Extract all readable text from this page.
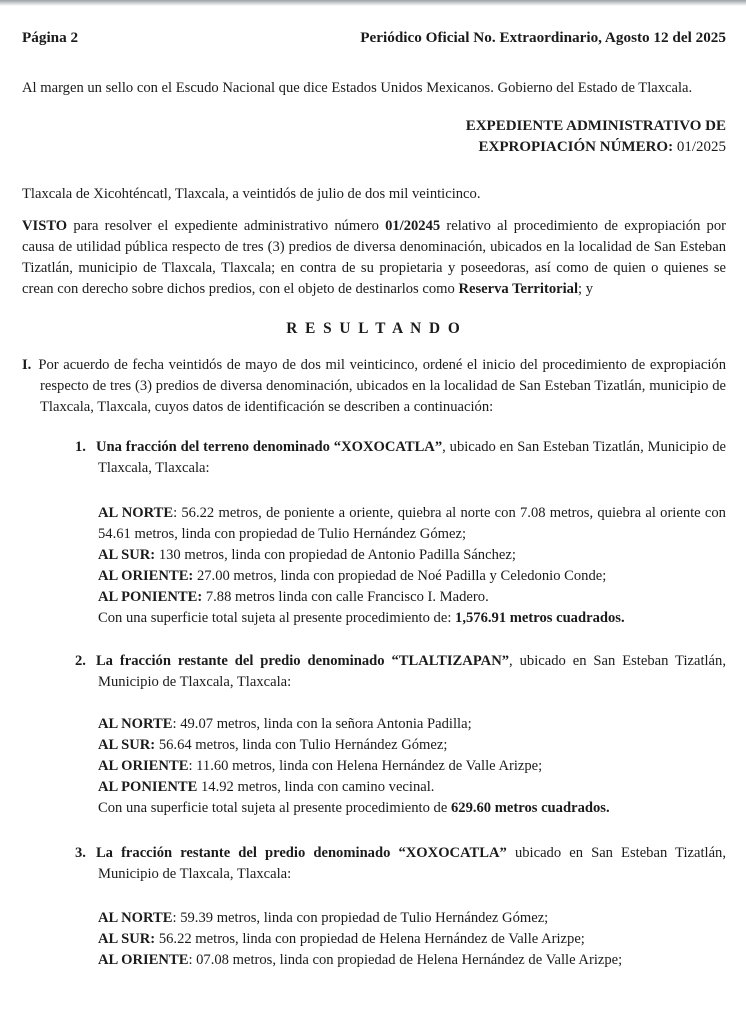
Página 2	Periódico Oficial No. Extraordinario, Agosto 12 del 2025
Al margen un sello con el Escudo Nacional que dice Estados Unidos Mexicanos. Gobierno del Estado de Tlaxcala.
EXPEDIENTE ADMINISTRATIVO DE
EXPROPIACIÓN NÚMERO: 01/2025
Tlaxcala de Xicohténcatl, Tlaxcala, a veintidós de julio de dos mil veinticinco.
VISTO para resolver el expediente administrativo número 01/20245 relativo al procedimiento de expropiación por causa de utilidad pública respecto de tres (3) predios de diversa denominación, ubicados en la localidad de San Esteban Tizatlán, municipio de Tlaxcala, Tlaxcala; en contra de su propietaria y poseedoras, así como de quien o quienes se crean con derecho sobre dichos predios, con el objeto de destinarlos como Reserva Territorial; y
R E S U L T A N D O
I. Por acuerdo de fecha veintidós de mayo de dos mil veinticinco, ordené el inicio del procedimiento de expropiación respecto de tres (3) predios de diversa denominación, ubicados en la localidad de San Esteban Tizatlán, municipio de Tlaxcala, Tlaxcala, cuyos datos de identificación se describen a continuación:
1. Una fracción del terreno denominado “XOXOCATLA”, ubicado en San Esteban Tizatlán, Municipio de Tlaxcala, Tlaxcala:
AL NORTE: 56.22 metros, de poniente a oriente, quiebra al norte con 7.08 metros, quiebra al oriente con 54.61 metros, linda con propiedad de Tulio Hernández Gómez;
AL SUR: 130 metros, linda con propiedad de Antonio Padilla Sánchez;
AL ORIENTE: 27.00 metros, linda con propiedad de Noé Padilla y Celedonio Conde;
AL PONIENTE: 7.88 metros linda con calle Francisco I. Madero.
Con una superficie total sujeta al presente procedimiento de: 1,576.91 metros cuadrados.
2. La fracción restante del predio denominado “TLALTIZAPAN”, ubicado en San Esteban Tizatlán, Municipio de Tlaxcala, Tlaxcala:
AL NORTE: 49.07 metros, linda con la señora Antonia Padilla;
AL SUR: 56.64 metros, linda con Tulio Hernández Gómez;
AL ORIENTE: 11.60 metros, linda con Helena Hernández de Valle Arizpe;
AL PONIENTE 14.92 metros, linda con camino vecinal.
Con una superficie total sujeta al presente procedimiento de 629.60 metros cuadrados.
3. La fracción restante del predio denominado “XOXOCATLA” ubicado en San Esteban Tizatlán, Municipio de Tlaxcala, Tlaxcala:
AL NORTE: 59.39 metros, linda con propiedad de Tulio Hernández Gómez;
AL SUR: 56.22 metros, linda con propiedad de Helena Hernández de Valle Arizpe;
AL ORIENTE: 07.08 metros, linda con propiedad de Helena Hernández de Valle Arizpe;
